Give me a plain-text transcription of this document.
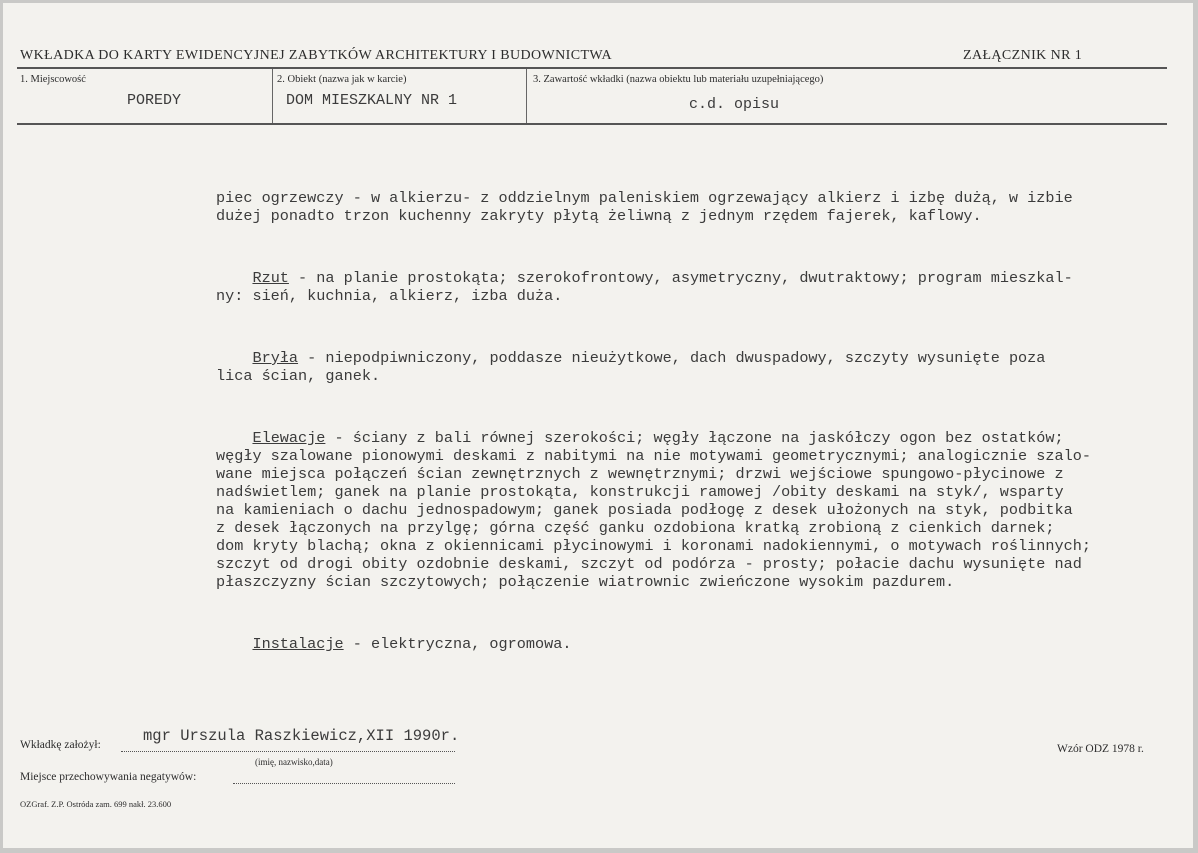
WKŁADKA DO KARTY EWIDENCYJNEJ ZABYTKÓW ARCHITEKTURY I BUDOWNICTWA	ZAŁĄCZNIK NR 1
1. Miejscowość
POREDY
2. Obiekt (nazwa jak w karcie)
DOM MIESZKALNY NR 1
3. Zawartość wkładki (nazwa obiektu lub materiału uzupełniającego)
c.d. opisu

piec ogrzewczy - w alkierzu- z oddzielnym paleniskiem ogrzewający alkierz i izbę dużą, w izbie
dużej ponadto trzon kuchenny zakryty płytą żeliwną z jednym rzędem fajerek, kaflowy.

Rzut - na planie prostokąta; szerokofrontowy, asymetryczny, dwutraktowy; program mieszkal-
ny: sień, kuchnia, alkierz, izba duża.

Bryła - niepodpiwniczony, poddasze nieużytkowe, dach dwuspadowy, szczyty wysunięte poza
lica ścian, ganek.

Elewacje - ściany z bali równej szerokości; węgły łączone na jaskółczy ogon bez ostatków;
węgły szalowane pionowymi deskami z nabitymi na nie motywami geometrycznymi; analogicznie szalo-
wane miejsca połączeń ścian zewnętrznych z wewnętrznymi; drzwi wejściowe spungowo-płycinowe z
nadświetlem; ganek na planie prostokąta, konstrukcji ramowej /obity deskami na styk/, wsparty
na kamieniach o dachu jednospadowym; ganek posiada podłogę z desek ułożonych na styk, podbitka
z desek łączonych na przylgę; górna część ganku ozdobiona kratką zrobioną z cienkich darnek;
dom kryty blachą; okna z okiennicami płycinowymi i koronami nadokiennymi, o motywach roślinnych;
szczyt od drogi obity ozdobnie deskami, szczyt od podórza - prosty; połacie dachu wysunięte nad
płaszczyzny ścian szczytowych; połączenie wiatrownic zwieńczone wysokim pazdurem.

Instalacje - elektryczna, ogromowa.

Wkładkę założył:	mgr Urszula Raszkiewicz,XII 1990r.
(imię, nazwisko,data)
Miejsce przechowywania negatywów:
Wzór ODZ 1978 r.
OZGraf. Z.P. Ostróda zam. 699 nakł. 23.600
